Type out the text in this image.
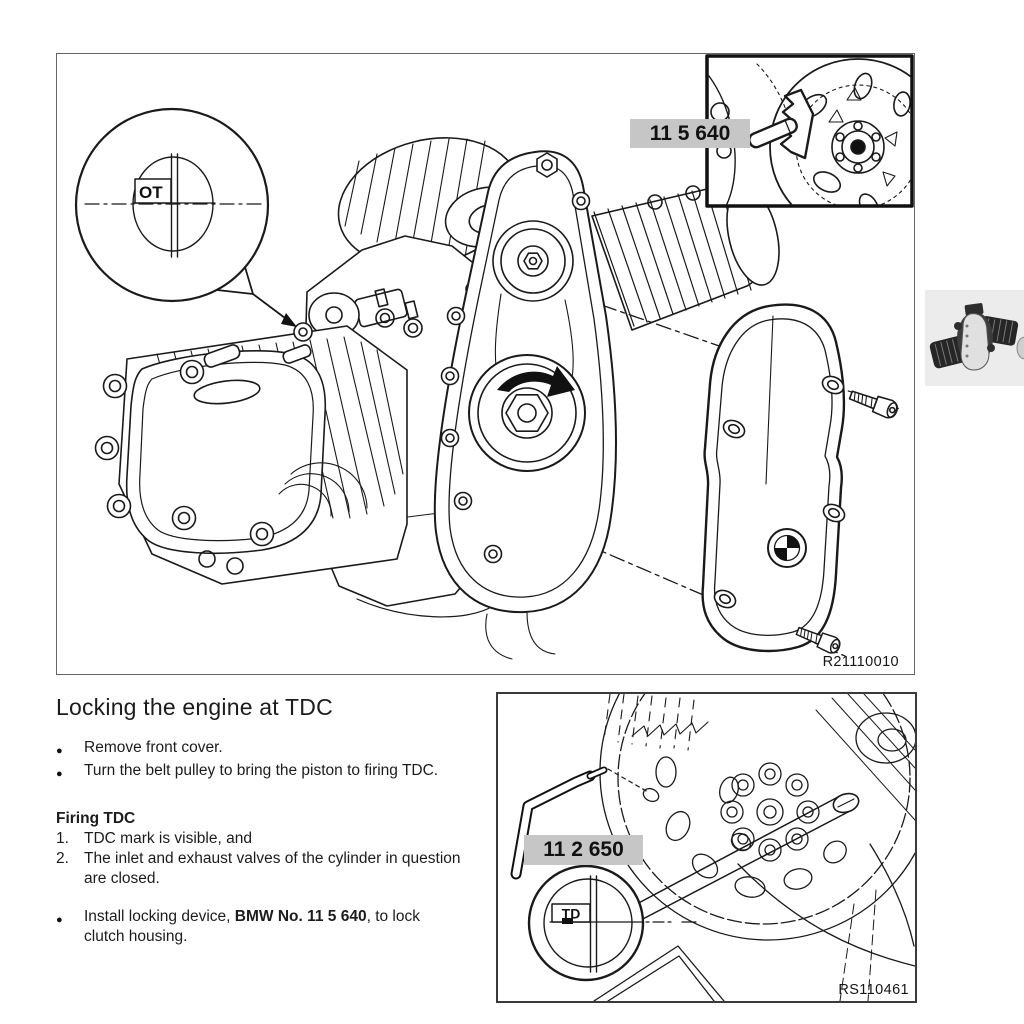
OT
11 5 640
R21110010
Locking the engine at TDC
●	Remove front cover.
●	Turn the belt pulley to bring the piston to firing TDC.
Firing TDC
1. TDC mark is visible, and
2. The inlet and exhaust valves of the cylinder in question are closed.
●	Install locking device, BMW No. 11 5 640, to lock clutch housing.
TD
11 2 650
RS110461
